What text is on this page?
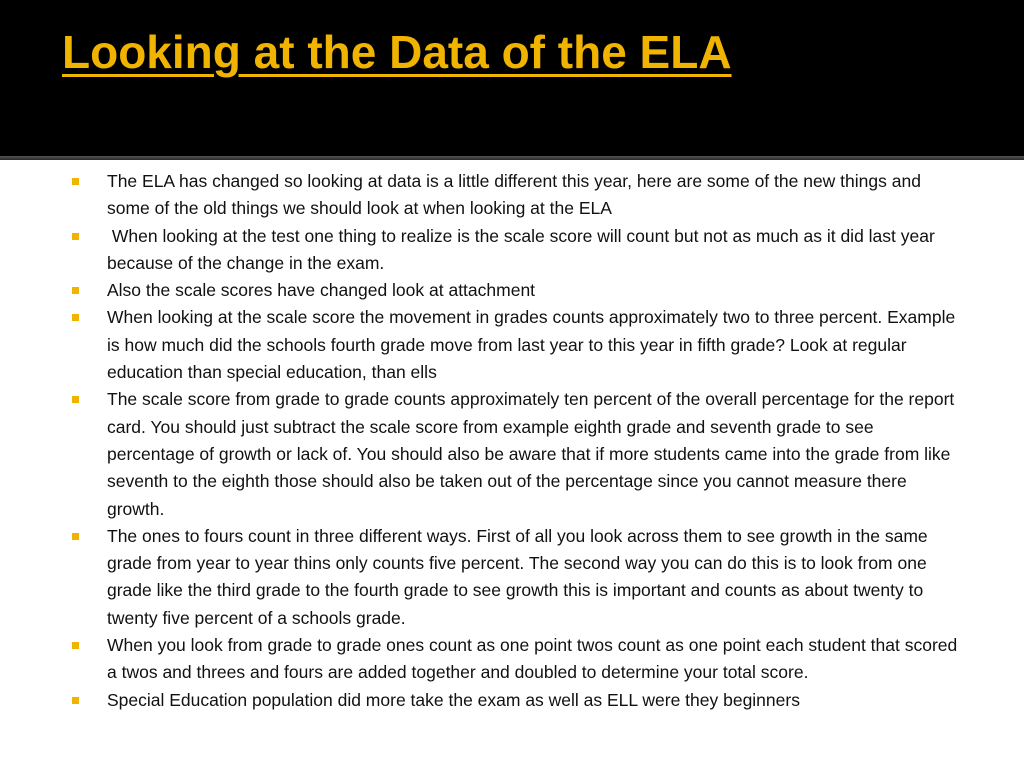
Looking at the Data of the ELA
The ELA has changed so looking at data is a little different this year, here are some of the new things and some of the old things we should look at when looking at the ELA
When looking at the test one thing to realize is the scale score will count but not as much as it did last year because of the change in the exam.
Also the scale scores have changed look at attachment
When looking at the scale score the movement in grades counts approximately two to three percent. Example is how much did the schools fourth grade move from last year to this year in fifth grade? Look at regular education than special education, than ells
The scale score from grade to grade counts approximately ten percent of the overall percentage for the report card. You should just subtract the scale score from example eighth grade and seventh grade to see percentage of growth or lack of. You should also be aware that if more students came into the grade from like seventh to the eighth those should also be taken out of the percentage since you cannot measure there growth.
The ones to fours count in three different ways. First of all you look across them to see growth in the same grade from year to year thins only counts five percent. The second way you can do this is to look from one grade like the third grade to the fourth grade to see growth this is important and counts as about twenty to twenty five percent of a schools grade.
When you look from grade to grade ones count as one point twos count as one point each student that scored a twos and threes and fours are added together and doubled to determine your total score.
Special Education population did more take the exam as well as ELL were they beginners
